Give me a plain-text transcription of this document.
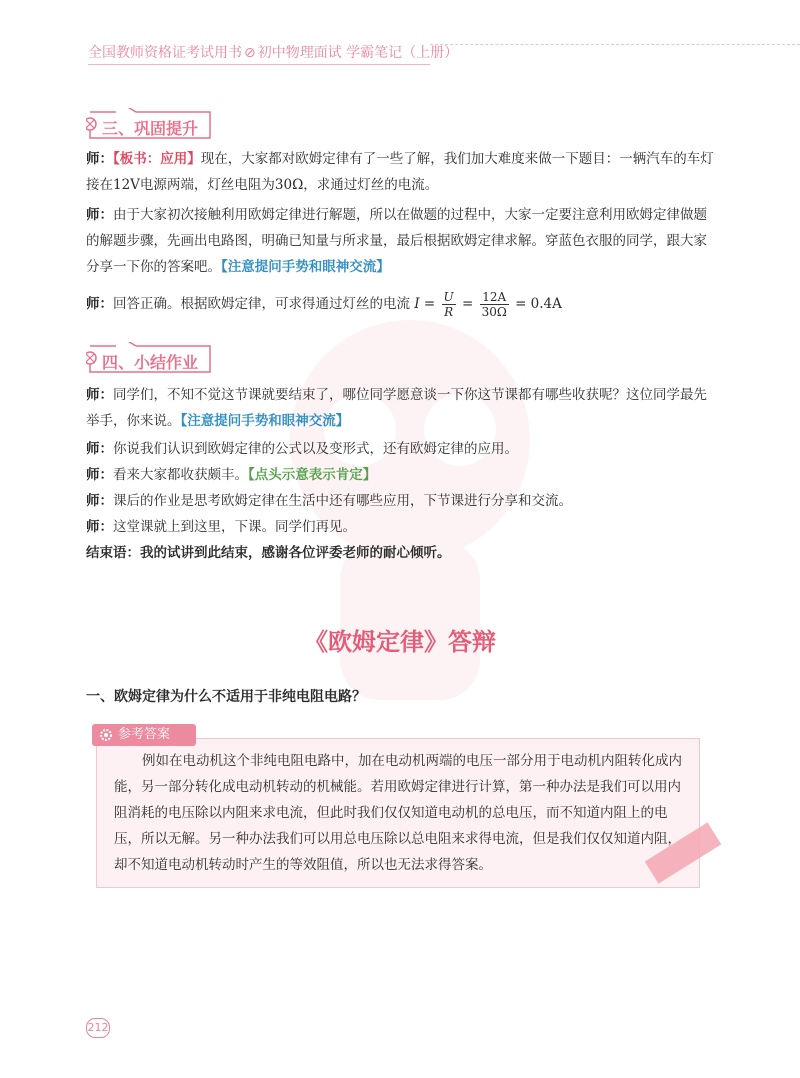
全国教师资格证考试用书 ⊘ 初中物理面试 学霸笔记（上册）
三、巩固提升
师：【板书：应用】现在，大家都对欧姆定律有了一些了解，我们加大难度来做一下题目：一辆汽车的车灯接在12V电源两端，灯丝电阻为30Ω，求通过灯丝的电流。
师：由于大家初次接触利用欧姆定律进行解题，所以在做题的过程中，大家一定要注意利用欧姆定律做题的解题步骤，先画出电路图，明确已知量与所求量，最后根据欧姆定律求解。穿蓝色衣服的同学，跟大家分享一下你的答案吧。【注意提问手势和眼神交流】
师：回答正确。根据欧姆定律，可求得通过灯丝的电流 $I = \frac{U}{R} = \frac{12A}{30\Omega} = 0.4A$
四、小结作业
师：同学们，不知不觉这节课就要结束了，哪位同学愿意谈一下你这节课都有哪些收获呢？这位同学最先举手，你来说。【注意提问手势和眼神交流】
师：你说我们认识到欧姆定律的公式以及变形式，还有欧姆定律的应用。
师：看来大家都收获颇丰。【点头示意表示肯定】
师：课后的作业是思考欧姆定律在生活中还有哪些应用，下节课进行分享和交流。
师：这堂课就上到这里，下课。同学们再见。
结束语：我的试讲到此结束，感谢各位评委老师的耐心倾听。
《欧姆定律》答辩
一、欧姆定律为什么不适用于非纯电阻电路？
参考答案
例如在电动机这个非纯电阻电路中，加在电动机两端的电压一部分用于电动机内阻转化成内能，另一部分转化成电动机转动的机械能。若用欧姆定律进行计算，第一种办法是我们可以用内阻消耗的电压除以内阻来求电流，但此时我们仅仅知道电动机的总电压，而不知道内阻上的电压，所以无解。另一种办法我们可以用总电压除以总电阻来求得电流，但是我们仅仅知道内阻，却不知道电动机转动时产生的等效阻值，所以也无法求得答案。
212
